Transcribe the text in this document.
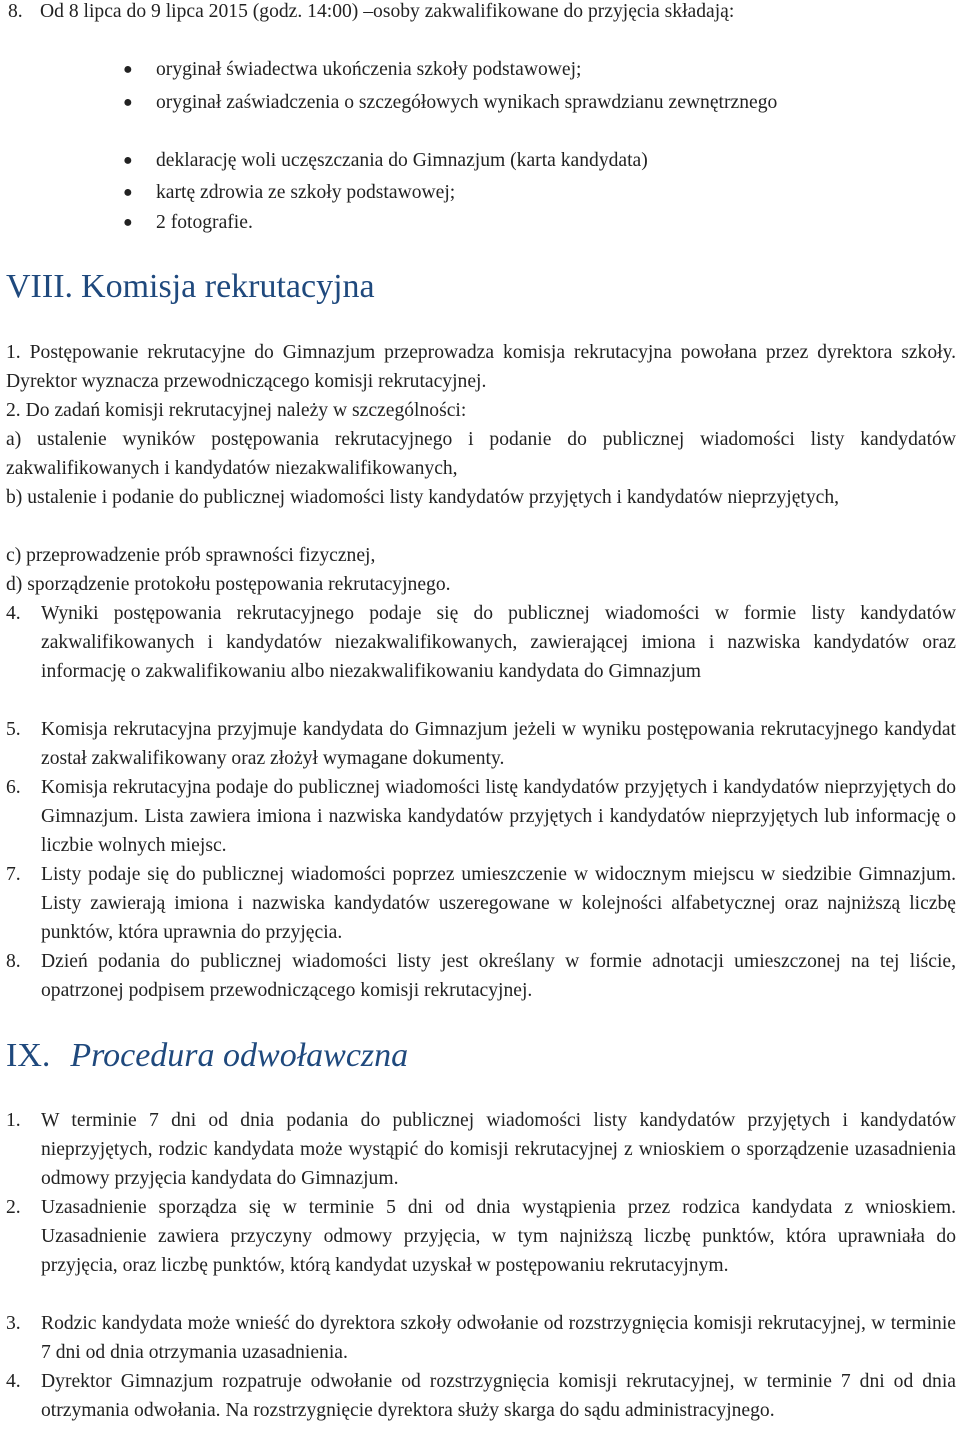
8. Od 8 lipca do 9 lipca 2015 (godz. 14:00) –osoby zakwalifikowane do przyjęcia składają:
● oryginał świadectwa ukończenia szkoły podstawowej;
● oryginał zaświadczenia o szczegółowych wynikach sprawdzianu zewnętrznego
● deklarację woli uczęszczania do Gimnazjum (karta kandydata)
● kartę zdrowia ze szkoły podstawowej;
● 2 fotografie.
VIII. Komisja rekrutacyjna
1. Postępowanie rekrutacyjne do Gimnazjum przeprowadza komisja rekrutacyjna powołana przez dyrektora szkoły. Dyrektor wyznacza przewodniczącego komisji rekrutacyjnej.
2. Do zadań komisji rekrutacyjnej należy w szczególności:
a) ustalenie wyników postępowania rekrutacyjnego i podanie do publicznej wiadomości listy kandydatów zakwalifikowanych i kandydatów niezakwalifikowanych,
b) ustalenie i podanie do publicznej wiadomości listy kandydatów przyjętych i kandydatów nieprzyjętych,
c) przeprowadzenie prób sprawności fizycznej,
d) sporządzenie protokołu postępowania rekrutacyjnego.
4. Wyniki postępowania rekrutacyjnego podaje się do publicznej wiadomości w formie listy kandydatów zakwalifikowanych i kandydatów niezakwalifikowanych, zawierającej imiona i nazwiska kandydatów oraz informację o zakwalifikowaniu albo niezakwalifikowaniu kandydata do Gimnazjum
5. Komisja rekrutacyjna przyjmuje kandydata do Gimnazjum jeżeli w wyniku postępowania rekrutacyjnego kandydat został zakwalifikowany oraz złożył wymagane dokumenty.
6. Komisja rekrutacyjna podaje do publicznej wiadomości listę kandydatów przyjętych i kandydatów nieprzyjętych do Gimnazjum. Lista zawiera imiona i nazwiska kandydatów przyjętych i kandydatów nieprzyjętych lub informację o liczbie wolnych miejsc.
7. Listy podaje się do publicznej wiadomości poprzez umieszczenie w widocznym miejscu w siedzibie Gimnazjum. Listy zawierają imiona i nazwiska kandydatów uszeregowane w kolejności alfabetycznej oraz najniższą liczbę punktów, która uprawnia do przyjęcia.
8. Dzień podania do publicznej wiadomości listy jest określany w formie adnotacji umieszczonej na tej liście, opatrzonej podpisem przewodniczącego komisji rekrutacyjnej.
IX. Procedura odwoławczna
1. W terminie 7 dni od dnia podania do publicznej wiadomości listy kandydatów przyjętych i kandydatów nieprzyjętych, rodzic kandydata może wystąpić do komisji rekrutacyjnej z wnioskiem o sporządzenie uzasadnienia odmowy przyjęcia kandydata do Gimnazjum.
2. Uzasadnienie sporządza się w terminie 5 dni od dnia wystąpienia przez rodzica kandydata z wnioskiem. Uzasadnienie zawiera przyczyny odmowy przyjęcia, w tym najniższą liczbę punktów, która uprawniała do przyjęcia, oraz liczbę punktów, którą kandydat uzyskał w postępowaniu rekrutacyjnym.
3. Rodzic kandydata może wnieść do dyrektora szkoły odwołanie od rozstrzygnięcia komisji rekrutacyjnej, w terminie 7 dni od dnia otrzymania uzasadnienia.
4. Dyrektor Gimnazjum rozpatruje odwołanie od rozstrzygnięcia komisji rekrutacyjnej, w terminie 7 dni od dnia otrzymania odwołania. Na rozstrzygnięcie dyrektora służy skarga do sądu administracyjnego.
